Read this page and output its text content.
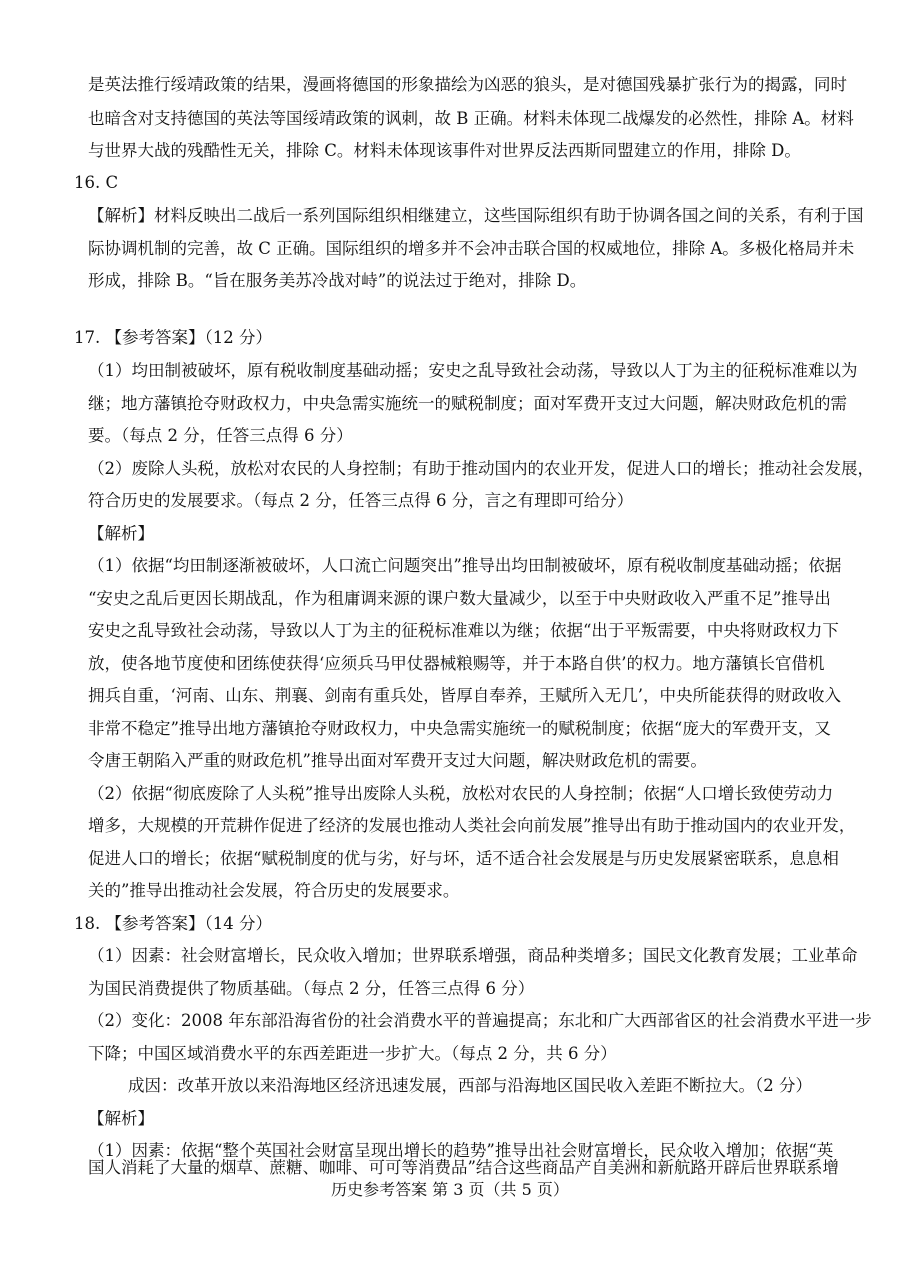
是英法推行绥靖政策的结果，漫画将德国的形象描绘为凶恶的狼头，是对德国残暴扩张行为的揭露，同时
也暗含对支持德国的英法等国绥靖政策的讽刺，故 B 正确。材料未体现二战爆发的必然性，排除 A。材料
与世界大战的残酷性无关，排除 C。材料未体现该事件对世界反法西斯同盟建立的作用，排除 D。
16. C
【解析】材料反映出二战后一系列国际组织相继建立，这些国际组织有助于协调各国之间的关系，有利于国
际协调机制的完善，故 C 正确。国际组织的增多并不会冲击联合国的权威地位，排除 A。多极化格局并未
形成，排除 B。“旨在服务美苏冷战对峙”的说法过于绝对，排除 D。
17. 【参考答案】（12 分）
（1）均田制被破坏，原有税收制度基础动摇；安史之乱导致社会动荡，导致以人丁为主的征税标准难以为
继；地方藩镇抢夺财政权力，中央急需实施统一的赋税制度；面对军费开支过大问题，解决财政危机的需
要。（每点 2 分，任答三点得 6 分）
（2）废除人头税，放松对农民的人身控制；有助于推动国内的农业开发，促进人口的增长；推动社会发展，
符合历史的发展要求。（每点 2 分，任答三点得 6 分，言之有理即可给分）
【解析】
（1）依据“均田制逐渐被破坏，人口流亡问题突出”推导出均田制被破坏，原有税收制度基础动摇；依据
“安史之乱后更因长期战乱，作为租庸调来源的课户数大量减少，以至于中央财政收入严重不足”推导出
安史之乱导致社会动荡，导致以人丁为主的征税标准难以为继；依据“出于平叛需要，中央将财政权力下
放，使各地节度使和团练使获得‘应须兵马甲仗器械粮赐等，并于本路自供’的权力。地方藩镇长官借机
拥兵自重，‘河南、山东、荆襄、剑南有重兵处，皆厚自奉养，王赋所入无几’，中央所能获得的财政收入
非常不稳定”推导出地方藩镇抢夺财政权力，中央急需实施统一的赋税制度；依据“庞大的军费开支，又
令唐王朝陷入严重的财政危机”推导出面对军费开支过大问题，解决财政危机的需要。
（2）依据“彻底废除了人头税”推导出废除人头税，放松对农民的人身控制；依据“人口增长致使劳动力
增多，大规模的开荒耕作促进了经济的发展也推动人类社会向前发展”推导出有助于推动国内的农业开发，
促进人口的增长；依据“赋税制度的优与劣，好与坏，适不适合社会发展是与历史发展紧密联系，息息相
关的”推导出推动社会发展，符合历史的发展要求。
18. 【参考答案】（14 分）
（1）因素：社会财富增长，民众收入增加；世界联系增强，商品种类增多；国民文化教育发展；工业革命
为国民消费提供了物质基础。（每点 2 分，任答三点得 6 分）
（2）变化：2008 年东部沿海省份的社会消费水平的普遍提高；东北和广大西部省区的社会消费水平进一步
下降；中国区域消费水平的东西差距进一步扩大。（每点 2 分，共 6 分）
成因：改革开放以来沿海地区经济迅速发展，西部与沿海地区国民收入差距不断拉大。（2 分）
【解析】
（1）因素：依据“整个英国社会财富呈现出增长的趋势”推导出社会财富增长，民众收入增加；依据“英
国人消耗了大量的烟草、蔗糖、咖啡、可可等消费品”结合这些商品产自美洲和新航路开辟后世界联系增
历史参考答案 第 3 页（共 5 页）
